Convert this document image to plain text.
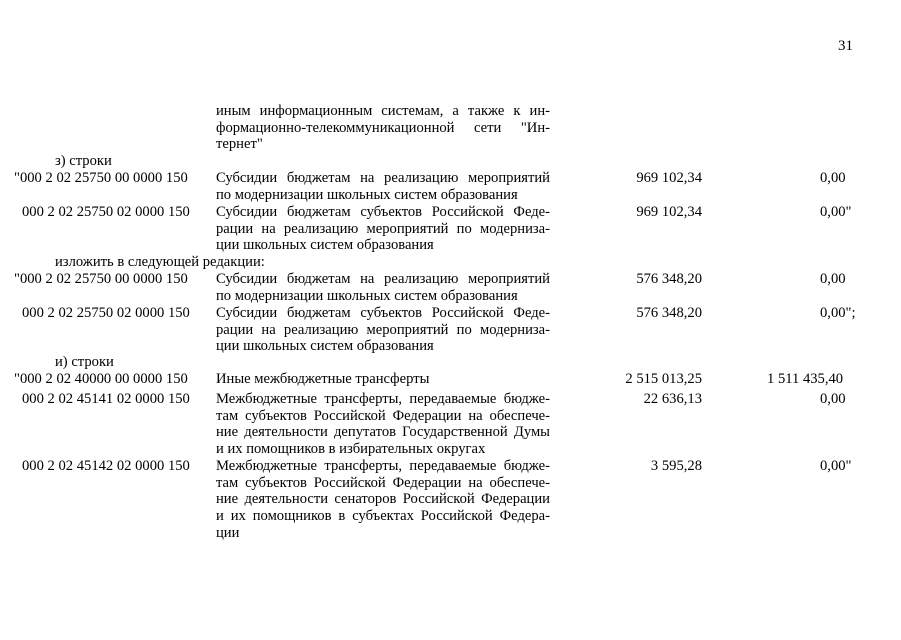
31
иным информационным системам, а также к ин-
формационно-телекоммуникационной сети "Ин-
тернет"
з) строки
"000 2 02 25750 00 0000 150 Субсидии бюджетам на реализацию мероприятий
по модернизации школьных систем образования
969 102,34	0,00
000 2 02 25750 02 0000 150 Субсидии бюджетам субъектов Российской Феде-
рации на реализацию мероприятий по модерниза-
ции школьных систем образования
969 102,34	0,00"
изложить в следующей редакции:
"000 2 02 25750 00 0000 150 Субсидии бюджетам на реализацию мероприятий
по модернизации школьных систем образования
576 348,20	0,00
000 2 02 25750 02 0000 150 Субсидии бюджетам субъектов Российской Феде-
рации на реализацию мероприятий по модерниза-
ции школьных систем образования
576 348,20	0,00";
и) строки
"000 2 02 40000 00 0000 150 Иные межбюджетные трансферты	2 515 013,25	1 511 435,40
000 2 02 45141 02 0000 150 Межбюджетные трансферты, передаваемые бюдже-
там субъектов Российской Федерации на обеспече-
ние деятельности депутатов Государственной Думы
и их помощников в избирательных округах
22 636,13	0,00
000 2 02 45142 02 0000 150 Межбюджетные трансферты, передаваемые бюдже-
там субъектов Российской Федерации на обеспече-
ние деятельности сенаторов Российской Федерации
и их помощников в субъектах Российской Федера-
ции
3 595,28	0,00"
